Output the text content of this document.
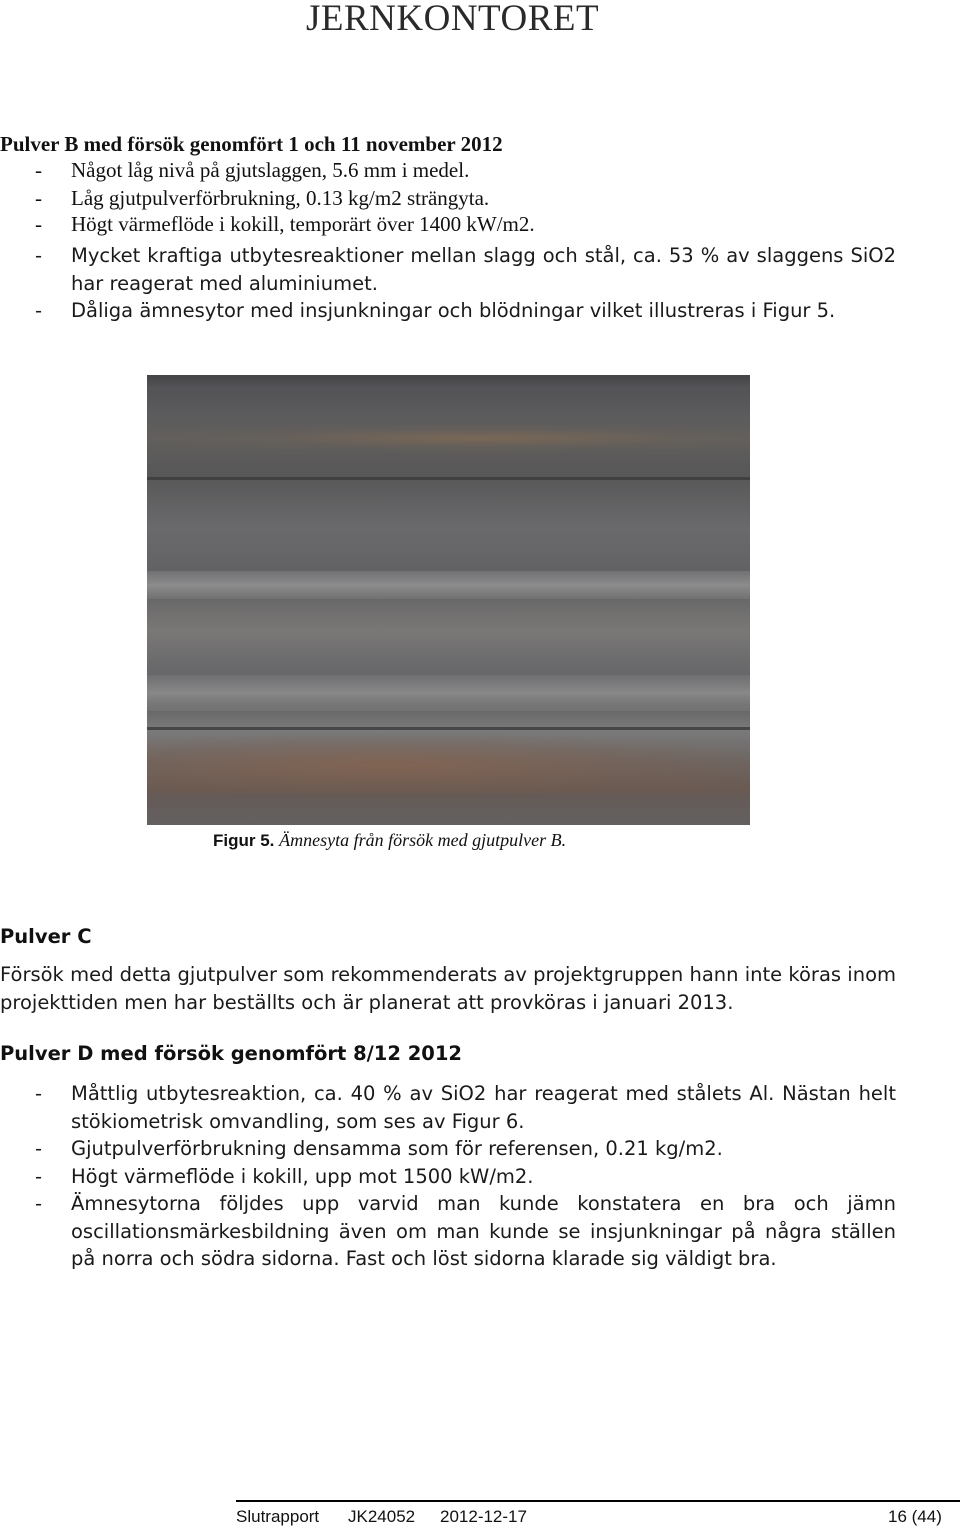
JERNKONTORET
Pulver B med försök genomfört 1 och 11 november 2012
- Något låg nivå på gjutslaggen, 5.6 mm i medel.
- Låg gjutpulverförbrukning, 0.13 kg/m2 strängyta.
- Högt värmeflöde i kokill, temporärt över 1400 kW/m2.
- Mycket kraftiga utbytesreaktioner mellan slagg och stål, ca. 53 % av slaggens SiO2 har reagerat med aluminiumet.
- Dåliga ämnesytor med insjunkningar och blödningar vilket illustreras i Figur 5.
Figur 5. Ämnesyta från försök med gjutpulver B.
Pulver C

Försök med detta gjutpulver som rekommenderats av projektgruppen hann inte köras inom projekttiden men har beställts och är planerat att provköras i januari 2013.

Pulver D med försök genomfört 8/12 2012
- Måttlig utbytesreaktion, ca. 40 % av SiO2 har reagerat med stålets Al. Nästan helt stökiometrisk omvandling, som ses av Figur 6.
- Gjutpulverförbrukning densamma som för referensen, 0.21 kg/m2.
- Högt värmeflöde i kokill, upp mot 1500 kW/m2.
- Ämnesytorna följdes upp varvid man kunde konstatera en bra och jämn oscillationsmärkesbildning även om man kunde se insjunkningar på några ställen på norra och södra sidorna. Fast och löst sidorna klarade sig väldigt bra.
Slutrapport JK24052 2012-12-17	16 (44)
